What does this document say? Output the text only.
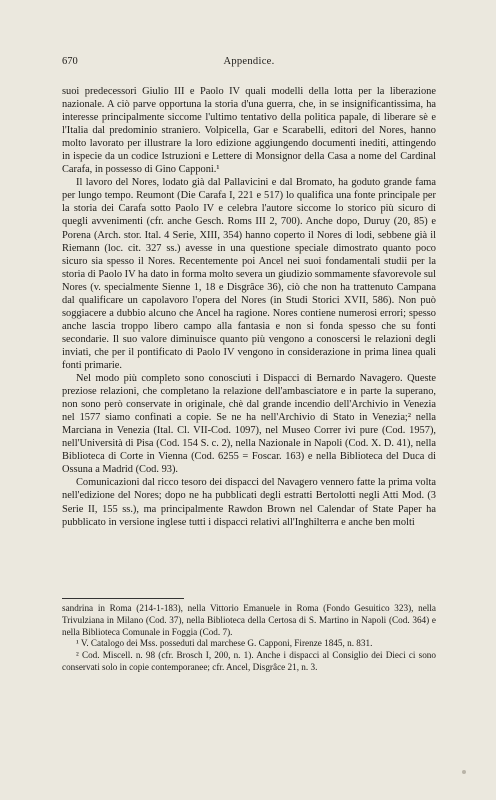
670	Appendice.

suoi predecessori Giulio III e Paolo IV quali modelli della lotta per la liberazione nazionale. A ciò parve opportuna la storia d'una guerra, che, in se insignificantissima, ha interesse principalmente siccome l'ultimo tentativo della politica papale, di liberare sè e l'Italia dal predominio straniero. Volpicella, Gar e Scarabelli, editori del Nores, hanno molto lavorato per illustrare la loro edizione aggiungendo documenti inediti, attingendo in ispecie da un codice Istruzioni e Lettere di Monsignor della Casa a nome del Cardinal Carafa, in possesso di Gino Capponi.¹

Il lavoro del Nores, lodato già dal Pallavicini e dal Bromato, ha goduto grande fama per lungo tempo. Reumont (Die Carafa I, 221 e 517) lo qualifica una fonte principale per la storia dei Carafa sotto Paolo IV e celebra l'autore siccome lo storico più sicuro di quegli avvenimenti (cfr. anche Gesch. Roms III 2, 700). Anche dopo, Duruy (20, 85) e Porena (Arch. stor. Ital. 4 Serie, XIII, 354) hanno coperto il Nores di lodi, sebbene già il Riemann (loc. cit. 327 ss.) avesse in una questione speciale dimostrato quanto poco sicuro sia spesso il Nores. Recentemente poi Ancel nei suoi fondamentali studii per la storia di Paolo IV ha dato in forma molto severa un giudizio sommamente sfavorevole sul Nores (v. specialmente Sienne 1, 18 e Disgrâce 36), ciò che non ha trattenuto Campana dal qualificare un capolavoro l'opera del Nores (in Studi Storici XVII, 586). Non può soggiacere a dubbio alcuno che Ancel ha ragione. Nores contiene numerosi errori; spesso anche lascia troppo libero campo alla fantasia e non si fonda spesso che su fonti secondarie. Il suo valore diminuisce quanto più vengono a conoscersi le relazioni degli inviati, che per il pontificato di Paolo IV vengono in considerazione in prima linea quali fonti primarie.

Nel modo più completo sono conosciuti i Dispacci di Bernardo Navagero. Queste preziose relazioni, che completano la relazione dell'ambasciatore e in parte la superano, non sono però conservate in originale, chè dal grande incendio dell'Archivio in Venezia nel 1577 siamo confinati a copie. Se ne ha nell'Archivio di Stato in Venezia;² nella Marciana in Venezia (Ital. Cl. VII-Cod. 1097), nel Museo Correr ivi pure (Cod. 1957), nell'Università di Pisa (Cod. 154 S. c. 2), nella Nazionale in Napoli (Cod. X. D. 41), nella Biblioteca di Corte in Vienna (Cod. 6255 = Foscar. 163) e nella Biblioteca del Duca di Ossuna a Madrid (Cod. 93).

Comunicazioni dal ricco tesoro dei dispacci del Navagero vennero fatte la prima volta nell'edizione del Nores; dopo ne ha pubblicati degli estratti Bertolotti negli Atti Mod. (3 Serie II, 155 ss.), ma principalmente Rawdon Brown nel Calendar of State Paper ha pubblicato in versione inglese tutti i dispacci relativi all'Inghilterra e anche ben molti

sandrina in Roma (214-1-183), nella Vittorio Emanuele in Roma (Fondo Gesuitico 323), nella Trivulziana in Milano (Cod. 37), nella Biblioteca della Certosa di S. Martino in Napoli (Cod. 364) e nella Biblioteca Comunale in Foggia (Cod. 7).

¹ V. Catalogo dei Mss. posseduti dal marchese G. Capponi, Firenze 1845, n. 831.

² Cod. Miscell. n. 98 (cfr. Brosch I, 200, n. 1). Anche i dispacci al Consiglio dei Dieci ci sono conservati solo in copie contemporanee; cfr. Ancel, Disgrâce 21, n. 3.
